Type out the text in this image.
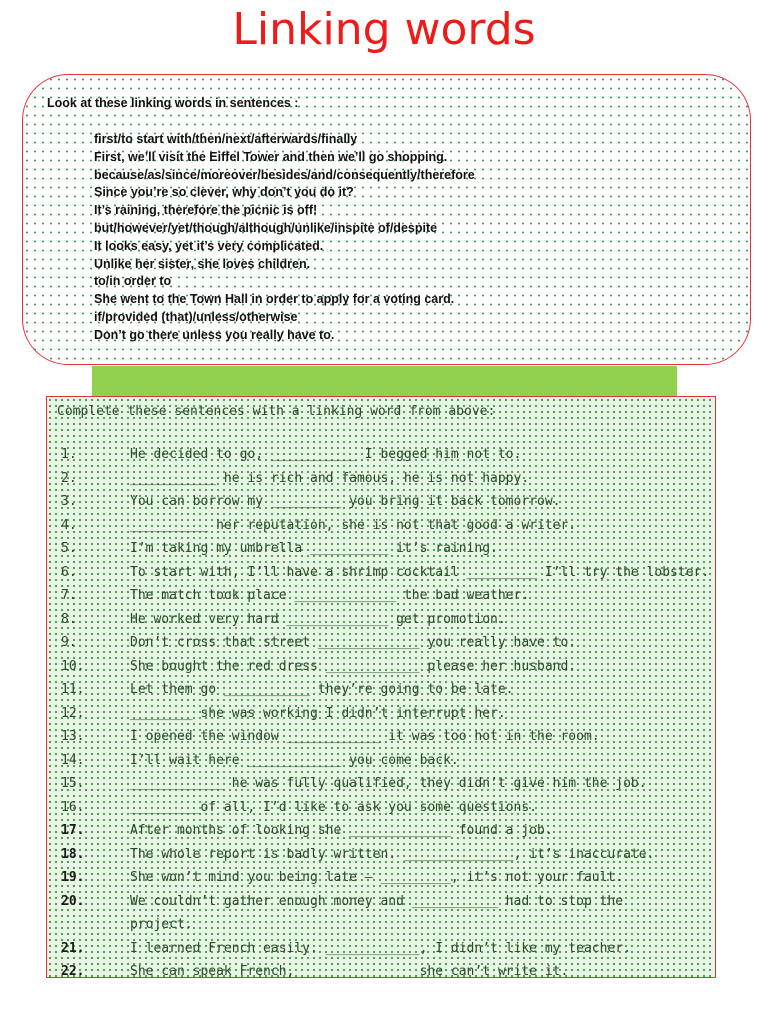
Linking words
Look at these linking words in sentences :
first/to start with/then/next/afterwards/finally
First, we’ll visit the Eiffel Tower and then we’ll go shopping.
because/as/since/moreover/besides/and/consequently/therefore
Since you’re so clever, why don’t you do it?
It’s raining, therefore the picnic is off!
but/however/yet/though/although/unlike/inspite of/despite
It looks easy, yet it’s very complicated.
Unlike her sister, she loves children.
to/in order to
She went to the Town Hall in order to apply for a voting card.
if/provided (that)/unless/otherwise
Don’t go there unless you really have to.
Complete these sentences with a linking word from above:
1.	He decided to go, ___________ I begged him not to.
2.	___________ he is rich and famous, he is not happy.
3.	You can borrow my _________ you bring it back tomorrow.
4.	__________ her reputation, she is not that good a writer.
5.	I’m taking my umbrella __________ it’s raining.
6.	To start with, I’ll have a shrimp cocktail _________ I’ll try the lobster.
7.	The match took place _____________ the bad weather.
8.	He worked very hard _____________ get promotion.
9.	Don’t cross that street _____________ you really have to.
10.	She bought the red dress ____________ please her husband.
11.	Let them go ___________ they’re going to be late.
12.	________ she was working I didn’t interrupt her.
13.	I opened the window ____________ it was too hot in the room.
14.	I’ll wait here ____________ you come back.
15.	____________ he was fully qualified, they didn’t give him the job.
16.	_________of all, I’d like to ask you some questions.
17.	After months of looking she _____________ found a job.
18.	The whole report is badly written. ______________, it’s inaccurate.
19.	She won’t mind you being late – _________, it’s not your fault.
20.	We couldn’t gather enough money and ___________ had to stop the
project.
21.	I learned French easily. ____________, I didn’t like my teacher.
22.	She can speak French, ______________ she can’t write it.
